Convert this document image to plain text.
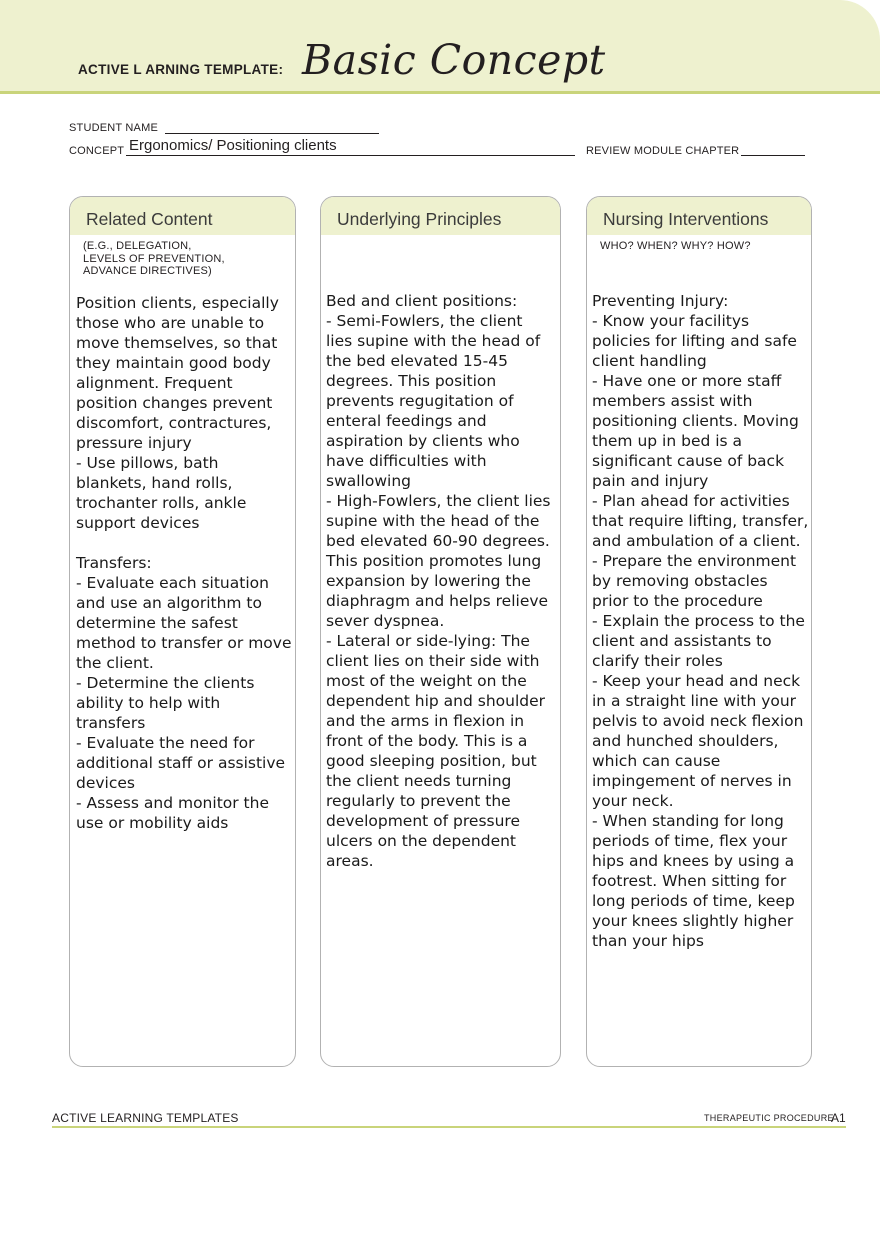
ACTIVE L ARNING TEMPLATE: Basic Concept
STUDENT NAME
CONCEPT Ergonomics/ Positioning clients	REVIEW MODULE CHAPTER
Related Content
(E.G., DELEGATION,
LEVELS OF PREVENTION,
ADVANCE DIRECTIVES)
Position clients, especially
those who are unable to
move themselves, so that
they maintain good body
alignment. Frequent
position changes prevent
discomfort, contractures,
pressure injury
- Use pillows, bath
blankets, hand rolls,
trochanter rolls, ankle
support devices

Transfers:
- Evaluate each situation
and use an algorithm to
determine the safest
method to transfer or move
the client.
- Determine the clients
ability to help with transfers
- Evaluate the need for
additional staff or assistive
devices
- Assess and monitor the
use or mobility aids
Underlying Principles
Bed and client positions:
- Semi-Fowlers, the client
lies supine with the head of
the bed elevated 15-45
degrees. This position
prevents regugitation of
enteral feedings and
aspiration by clients who
have difficulties with
swallowing
- High-Fowlers, the client lies
supine with the head of the
bed elevated 60-90 degrees.
This position promotes lung
expansion by lowering the
diaphragm and helps relieve
sever dyspnea.
- Lateral or side-lying: The
client lies on their side with
most of the weight on the
dependent hip and shoulder
and the arms in flexion in
front of the body. This is a
good sleeping position, but
the client needs turning
regularly to prevent the
development of pressure
ulcers on the dependent
areas.
Nursing Interventions
WHO? WHEN? WHY? HOW?
Preventing Injury:
- Know your facilitys
policies for lifting and safe
client handling
- Have one or more staff
members assist with
positioning clients. Moving
them up in bed is a
significant cause of back
pain and injury
- Plan ahead for activities
that require lifting, transfer,
and ambulation of a client.
- Prepare the environment
by removing obstacles
prior to the procedure
- Explain the process to the
client and assistants to
clarify their roles
- Keep your head and neck
in a straight line with your
pelvis to avoid neck flexion
and hunched shoulders,
which can cause
impingement of nerves in
your neck.
- When standing for long
periods of time, flex your
hips and knees by using a
footrest. When sitting for
long periods of time, keep
your knees slightly higher
than your hips
ACTIVE LEARNING TEMPLATES	THERAPEUTIC PROCEDURE
A1
